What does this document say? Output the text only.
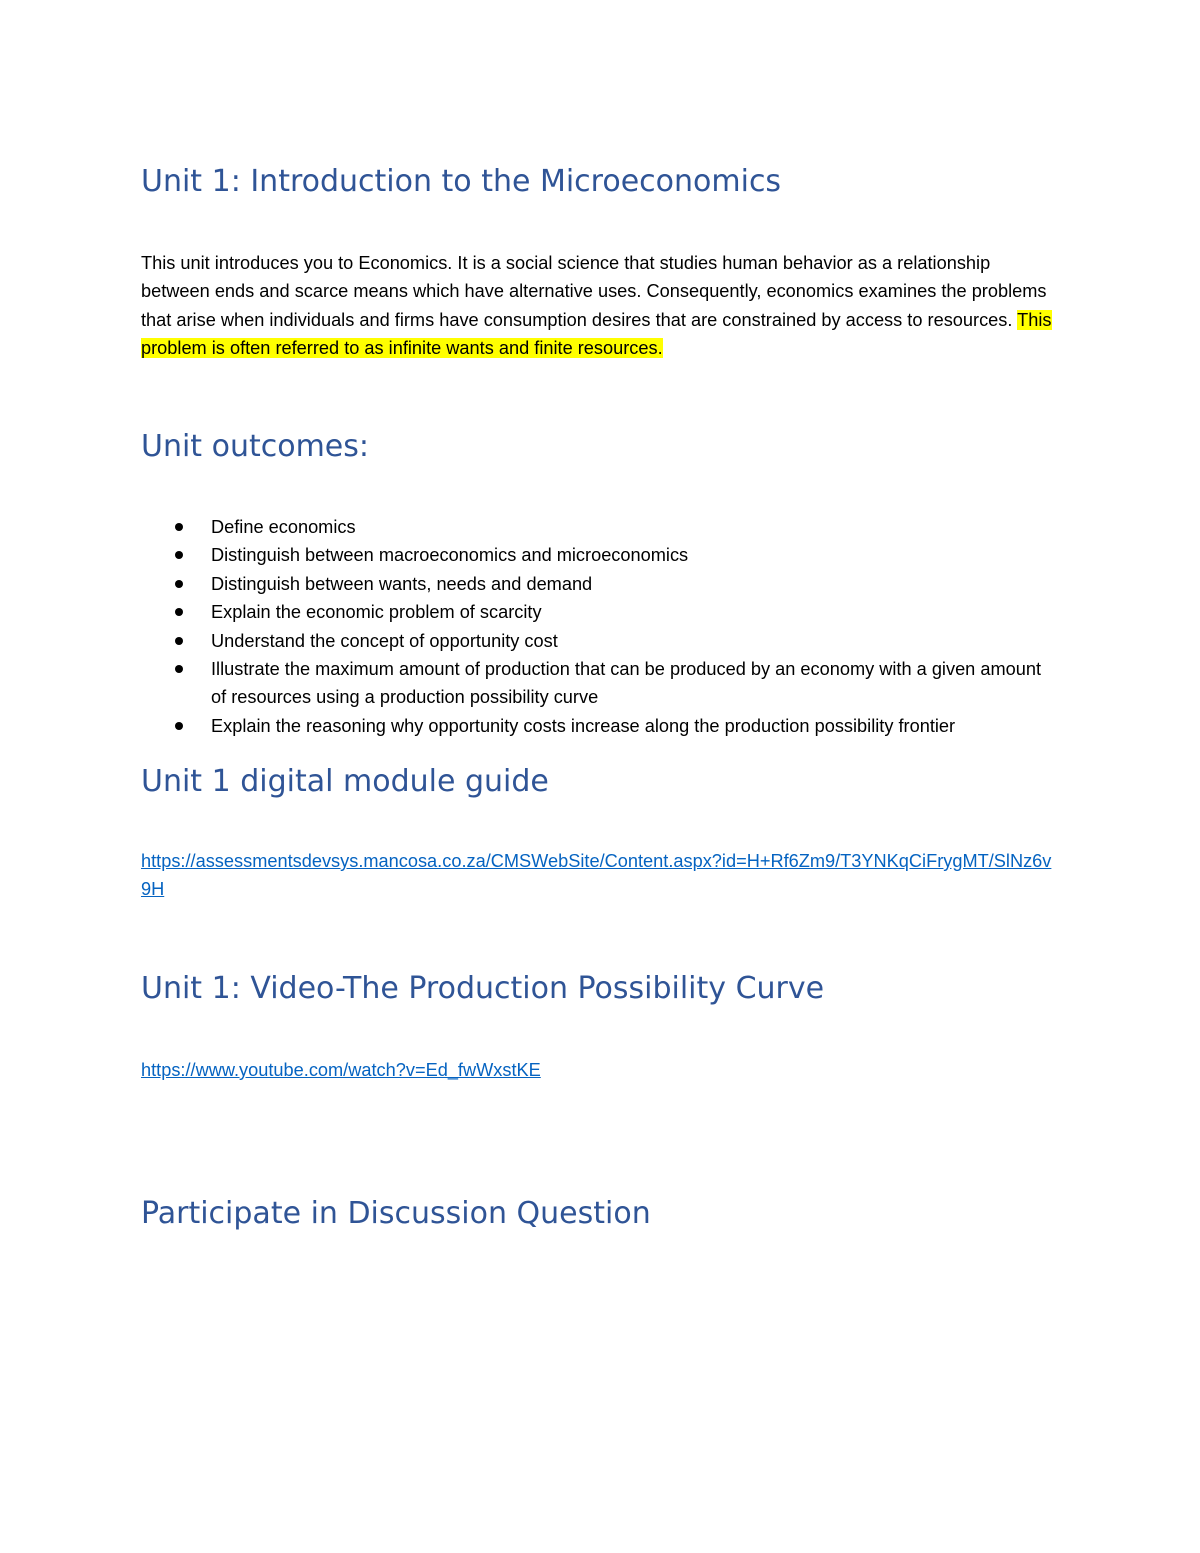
Unit 1: Introduction to the Microeconomics

This unit introduces you to Economics. It is a social science that studies human behavior as a relationship between ends and scarce means which have alternative uses. Consequently, economics examines the problems that arise when individuals and firms have consumption desires that are constrained by access to resources. This problem is often referred to as infinite wants and finite resources.

Unit outcomes:
Define economics
Distinguish between macroeconomics and microeconomics
Distinguish between wants, needs and demand
Explain the economic problem of scarcity
Understand the concept of opportunity cost
Illustrate the maximum amount of production that can be produced by an economy with a given amount of resources using a production possibility curve
Explain the reasoning why opportunity costs increase along the production possibility frontier
Unit 1 digital module guide
https://assessmentsdevsys.mancosa.co.za/CMSWebSite/Content.aspx?id=H+Rf6Zm9/T3YNKqCiFrygMT/SlNz6v9H
Unit 1: Video-The Production Possibility Curve
https://www.youtube.com/watch?v=Ed_fwWxstKE
Participate in Discussion Question
